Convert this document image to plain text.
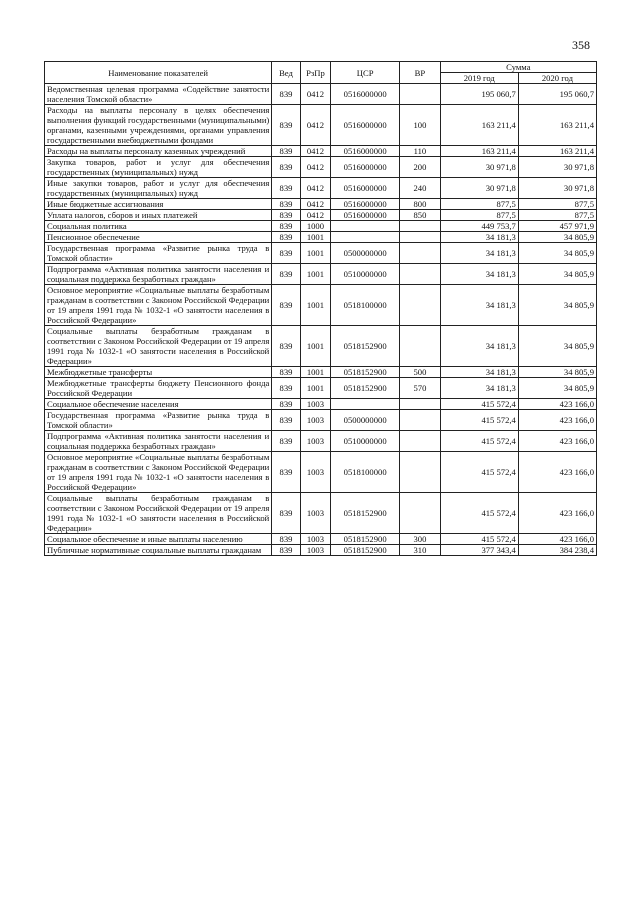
358
Наименование показателей	Вед	РзПр	ЦСР	ВР	Сумма	
					2019 год	2020 год
Ведомственная целевая программа «Содействие занятости населения Томской области»	839	0412	0516000000		195 060,7	195 060,7
Расходы на выплаты персоналу в целях обеспечения выполнения функций государственными (муниципальными) органами, казенными учреждениями, органами управления государственными внебюджетными фондами	839	0412	0516000000	100	163 211,4	163 211,4
Расходы на выплаты персоналу казенных учреждений	839	0412	0516000000	110	163 211,4	163 211,4
Закупка товаров, работ и услуг для обеспечения государственных (муниципальных) нужд	839	0412	0516000000	200	30 971,8	30 971,8
Иные закупки товаров, работ и услуг для обеспечения государственных (муниципальных) нужд	839	0412	0516000000	240	30 971,8	30 971,8
Иные бюджетные ассигнования	839	0412	0516000000	800	877,5	877,5
Уплата налогов, сборов и иных платежей	839	0412	0516000000	850	877,5	877,5
Социальная политика	839	1000			449 753,7	457 971,9
Пенсионное обеспечение	839	1001			34 181,3	34 805,9
Государственная программа «Развитие рынка труда в Томской области»	839	1001	0500000000		34 181,3	34 805,9
Подпрограмма «Активная политика занятости населения и социальная поддержка безработных граждан»	839	1001	0510000000		34 181,3	34 805,9
Основное мероприятие «Социальные выплаты безработным гражданам в соответствии с Законом Российской Федерации от 19 апреля 1991 года № 1032-1 «О занятости населения в Российской Федерации»	839	1001	0518100000		34 181,3	34 805,9
Социальные выплаты безработным гражданам в соответствии с Законом Российской Федерации от 19 апреля 1991 года № 1032-1 «О занятости населения в Российской Федерации»	839	1001	0518152900		34 181,3	34 805,9
Межбюджетные трансферты	839	1001	0518152900	500	34 181,3	34 805,9
Межбюджетные трансферты бюджету Пенсионного фонда Российской Федерации	839	1001	0518152900	570	34 181,3	34 805,9
Социальное обеспечение населения	839	1003			415 572,4	423 166,0
Государственная программа «Развитие рынка труда в Томской области»	839	1003	0500000000		415 572,4	423 166,0
Подпрограмма «Активная политика занятости населения и социальная поддержка безработных граждан»	839	1003	0510000000		415 572,4	423 166,0
Основное мероприятие «Социальные выплаты безработным гражданам в соответствии с Законом Российской Федерации от 19 апреля 1991 года № 1032-1 «О занятости населения в Российской Федерации»	839	1003	0518100000		415 572,4	423 166,0
Социальные выплаты безработным гражданам в соответствии с Законом Российской Федерации от 19 апреля 1991 года № 1032-1 «О занятости населения в Российской Федерации»	839	1003	0518152900		415 572,4	423 166,0
Социальное обеспечение и иные выплаты населению	839	1003	0518152900	300	415 572,4	423 166,0
Публичные нормативные социальные выплаты гражданам	839	1003	0518152900	310	377 343,4	384 238,4
